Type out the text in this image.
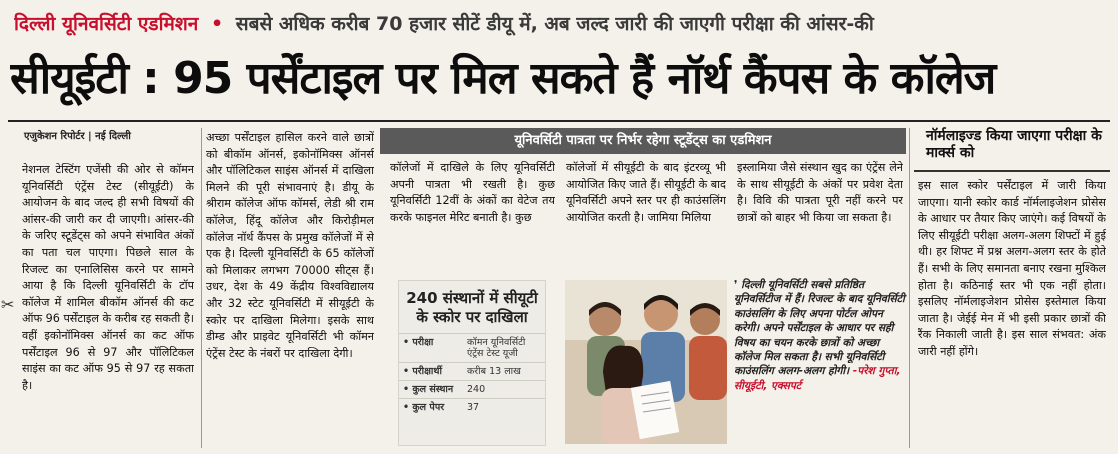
दिल्ली यूनिवर्सिटी एडमिशन • सबसे अधिक करीब 70 हजार सीटें डीयू में, अब जल्द जारी की जाएगी परीक्षा की आंसर-की
सीयूईटी : 95 पर्सेंटाइल पर मिल सकते हैं नॉर्थ कैंपस के कॉलेज
एजुकेशन रिपोर्टर | नई दिल्ली
✂

नेशनल टेस्टिंग एजेंसी की ओर से कॉमन यूनिवर्सिटी एंट्रेंस टेस्ट (सीयूईटी) के आयोजन के बाद जल्द ही सभी विषयों की आंसर-की जारी कर दी जाएगी। आंसर-की के जरिए स्टूडेंट्स को अपने संभावित अंकों का पता चल पाएगा। पिछले साल के रिजल्ट का एनालिसिस करने पर सामने आया है कि दिल्ली यूनिवर्सिटी के टॉप कॉलेज में शामिल बीकॉम ऑनर्स की कट ऑफ 96 पर्सेंटाइल के करीब रह सकती है। वहीं इकोनॉमिक्स ऑनर्स का कट ऑफ पर्सेंटाइल 96 से 97 और पॉलिटिकल साइंस का कट ऑफ 95 से 97 रह सकता है।

अच्छा पर्सेंटाइल हासिल करने वाले छात्रों को बीकॉम ऑनर्स, इकोनॉमिक्स ऑनर्स और पॉलिटिकल साइंस ऑनर्स में दाखिला मिलने की पूरी संभावनाएं है। डीयू के श्रीराम कॉलेज ऑफ कॉमर्स, लेडी श्री राम कॉलेज, हिंदू कॉलेज और किरोड़ीमल कॉलेज नॉर्थ कैंपस के प्रमुख कॉलेजों में से एक है। दिल्ली यूनिवर्सिटी के 65 कॉलेजों को मिलाकर लगभग 70000 सीट्स हैं। उधर, देश के 49 केंद्रीय विश्वविद्यालय और 32 स्टेट यूनिवर्सिटी में सीयूईटी के स्कोर पर दाखिला मिलेगा। इसके साथ डीम्ड और प्राइवेट यूनिवर्सिटी भी कॉमन एंट्रेंस टेस्ट के नंबरों पर दाखिला देगी।

यूनिवर्सिटी पात्रता पर निर्भर रहेगा स्टूडेंट्स का एडमिशन

कॉलेजों में दाखिले के लिए यूनिवर्सिटी अपनी पात्रता भी रखती है। कुछ यूनिवर्सिटी 12वीं के अंकों का वेटेज तय करके फाइनल मेरिट बनाती है। कुछ

कॉलेजों में सीयूईटी के बाद इंटरव्यू भी आयोजित किए जाते हैं। सीयूईटी के बाद यूनिवर्सिटी अपने स्तर पर ही काउंसलिंग आयोजित करती है। जामिया मिलिया

इस्लामिया जैसे संस्थान खुद का एंट्रेंस लेने के साथ सीयूईटी के अंकों पर प्रवेश देता है। विवि की पात्रता पूरी नहीं करने पर छात्रों को बाहर भी किया जा सकता है।

240 संस्थानों में सीयूटी के स्कोर पर दाखिला
• परीक्षा	कॉमन यूनिवर्सिटी एंट्रेंस टेस्ट यूजी
• परीक्षार्थी	करीब 13 लाख
• कुल संस्थान	240
• कुल पेपर	37
❜ दिल्ली यूनिवर्सिटी सबसे प्रतिष्ठित यूनिवर्सिटीज में हैं। रिजल्ट के बाद यूनिवर्सिटी काउंसलिंग के लिए अपना पोर्टल ओपन करेगी। अपने पर्सेंटाइल के आधार पर सही विषय का चयन करके छात्रों को अच्छा कॉलेज मिल सकता है। सभी यूनिवर्सिटी काउंसलिंग अलग-अलग होगी। -परेश गुप्ता, सीयूईटी, एक्सपर्ट
नॉर्मलाइज्ड किया जाएगा परीक्षा के मार्क्स को

इस साल स्कोर पर्सेंटाइल में जारी किया जाएगा। यानी स्कोर कार्ड नॉर्मलाइजेशन प्रोसेस के आधार पर तैयार किए जाएंगे। कई विषयों के लिए सीयूईटी परीक्षा अलग-अलग शिफ्टों में हुई थी। हर शिफ्ट में प्रश्न अलग-अलग स्तर के होते हैं। सभी के लिए समानता बनाए रखना मुश्किल होता है। कठिनाई स्तर भी एक नहीं होता। इसलिए नॉर्मलाइजेशन प्रोसेस इस्तेमाल किया जाता है। जेईई मेन में भी इसी प्रकार छात्रों की रैंक निकाली जाती है। इस साल संभवत: अंक जारी नहीं होंगे।
